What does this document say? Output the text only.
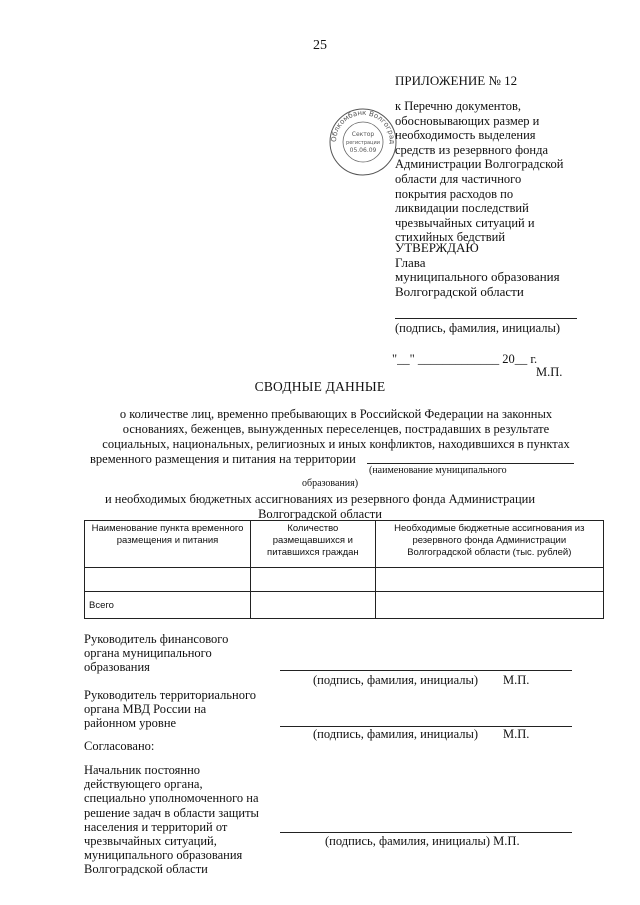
25
ПРИЛОЖЕНИЕ № 12
к Перечню документов,
обосновывающих размер и
необходимость выделения
средств из резервного фонда
Администрации Волгоградской
области для частичного
покрытия расходов по
ликвидации последствий
чрезвычайных ситуаций и
стихийных бедствий
Облкомбанк Волгоград
Сектор
регистрации
05.06.09
УТВЕРЖДАЮ
Глава
муниципального образования
Волгоградской области
(подпись, фамилия, инициалы)
"__" _____________ 20__ г.
М.П.
СВОДНЫЕ ДАННЫЕ
о количестве лиц, временно пребывающих в Российской Федерации на законных
основаниях, беженцев, вынужденных переселенцев, пострадавших в результате
социальных, национальных, религиозных и иных конфликтов, находившихся в пунктах
временного размещения и питания на территории
(наименование муниципального
образования)
и необходимых бюджетных ассигнованиях из резервного фонда Администрации
Волгоградской области
Наименование пункта временного размещения и питания	Количество размещавшихся и питавшихся граждан	Необходимые бюджетные ассигнования из резервного фонда Администрации Волгоградской области (тыс. рублей)

Всего		
Руководитель финансового
органа муниципального
образования
(подпись, фамилия, инициалы) М.П.
Руководитель территориального
органа МВД России на
районном уровне
(подпись, фамилия, инициалы) М.П.
Согласовано:
Начальник постоянно
действующего органа,
специально уполномоченного на
решение задач в области защиты
населения и территорий от
чрезвычайных ситуаций,
муниципального образования
Волгоградской области
(подпись, фамилия, инициалы) М.П.
